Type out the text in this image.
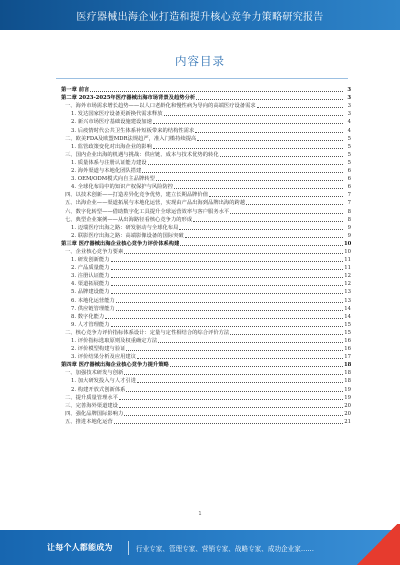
医疗器械出海企业打造和提升核心竞争力策略研究报告
内容目录
第一章 前言	3
第二章 2023-2025年医疗器械出海市场背景及趋势分析	3
一、海外市场需求增长趋势——以人口老龄化和慢性病为导向的高端医疗设备需求	3
1. 发达国家医疗设备更新换代需求释放	3
2. 新兴市场医疗基础设施建设加速	4
3. 后疫情时代公共卫生体系补短板带来的结构性需求	4
二、欧美FDA及欧盟MDR法规趋严，准入门槛持续提高	5
1. 监管政策变化对出海企业的影响	5
三、国内企业出海的机遇与挑战：供应链、成本与技术优势的转化	5
1. 质量体系与注册认证能力建设	5
2. 海外渠道与本地化团队搭建	6
3. OEM/ODM模式向自主品牌转型	6
4. 全球化布局中的知识产权保护与风险防控	6
四、以技术创新——打造差异化竞争优势，建立长期品牌价值	7
五、出海企业——渠道拓展与本地化运营，实现由产品出海到品牌出海的跨越	7
六、数字化转型——借助数字化工具提升全球运营效率与客户服务水平	8
七、典型企业案例——从出海路径看核心竞争力的形成	8
1. 迈瑞医疗出海之路：研发驱动与全球化布局	9
2. 联影医疗出海之路：高端影像设备的国际突破	9
第三章 医疗器械出海企业核心竞争力评价体系构建	10
一、企业核心竞争力要素	10
1. 研发创新能力	11
2. 产品质量能力	11
3. 注册认证能力	12
4. 渠道拓展能力	12
5. 品牌建设能力	13
6. 本地化运营能力	13
7. 供应链管理能力	14
8. 数字化能力	14
9. 人才管理能力	15
二、核心竞争力评价指标体系设计：定量与定性相结合的综合评价方法	15
1. 评价指标选取原则及权重确定方法	16
2. 评价模型构建与验证	16
3. 评价结果分析及应用建议	17
第四章 医疗器械出海企业核心竞争力提升策略	18
一、加强技术研发与创新	18
1. 加大研发投入与人才引进	18
2. 构建开放式创新体系	19
二、提升质量管理水平	19
三、完善海外渠道建设	20
四、强化品牌国际影响力	20
五、推进本地化运营	21
1
让每个人都能成为	行业专家、管理专家、营销专家、战略专家、成功企业家……
